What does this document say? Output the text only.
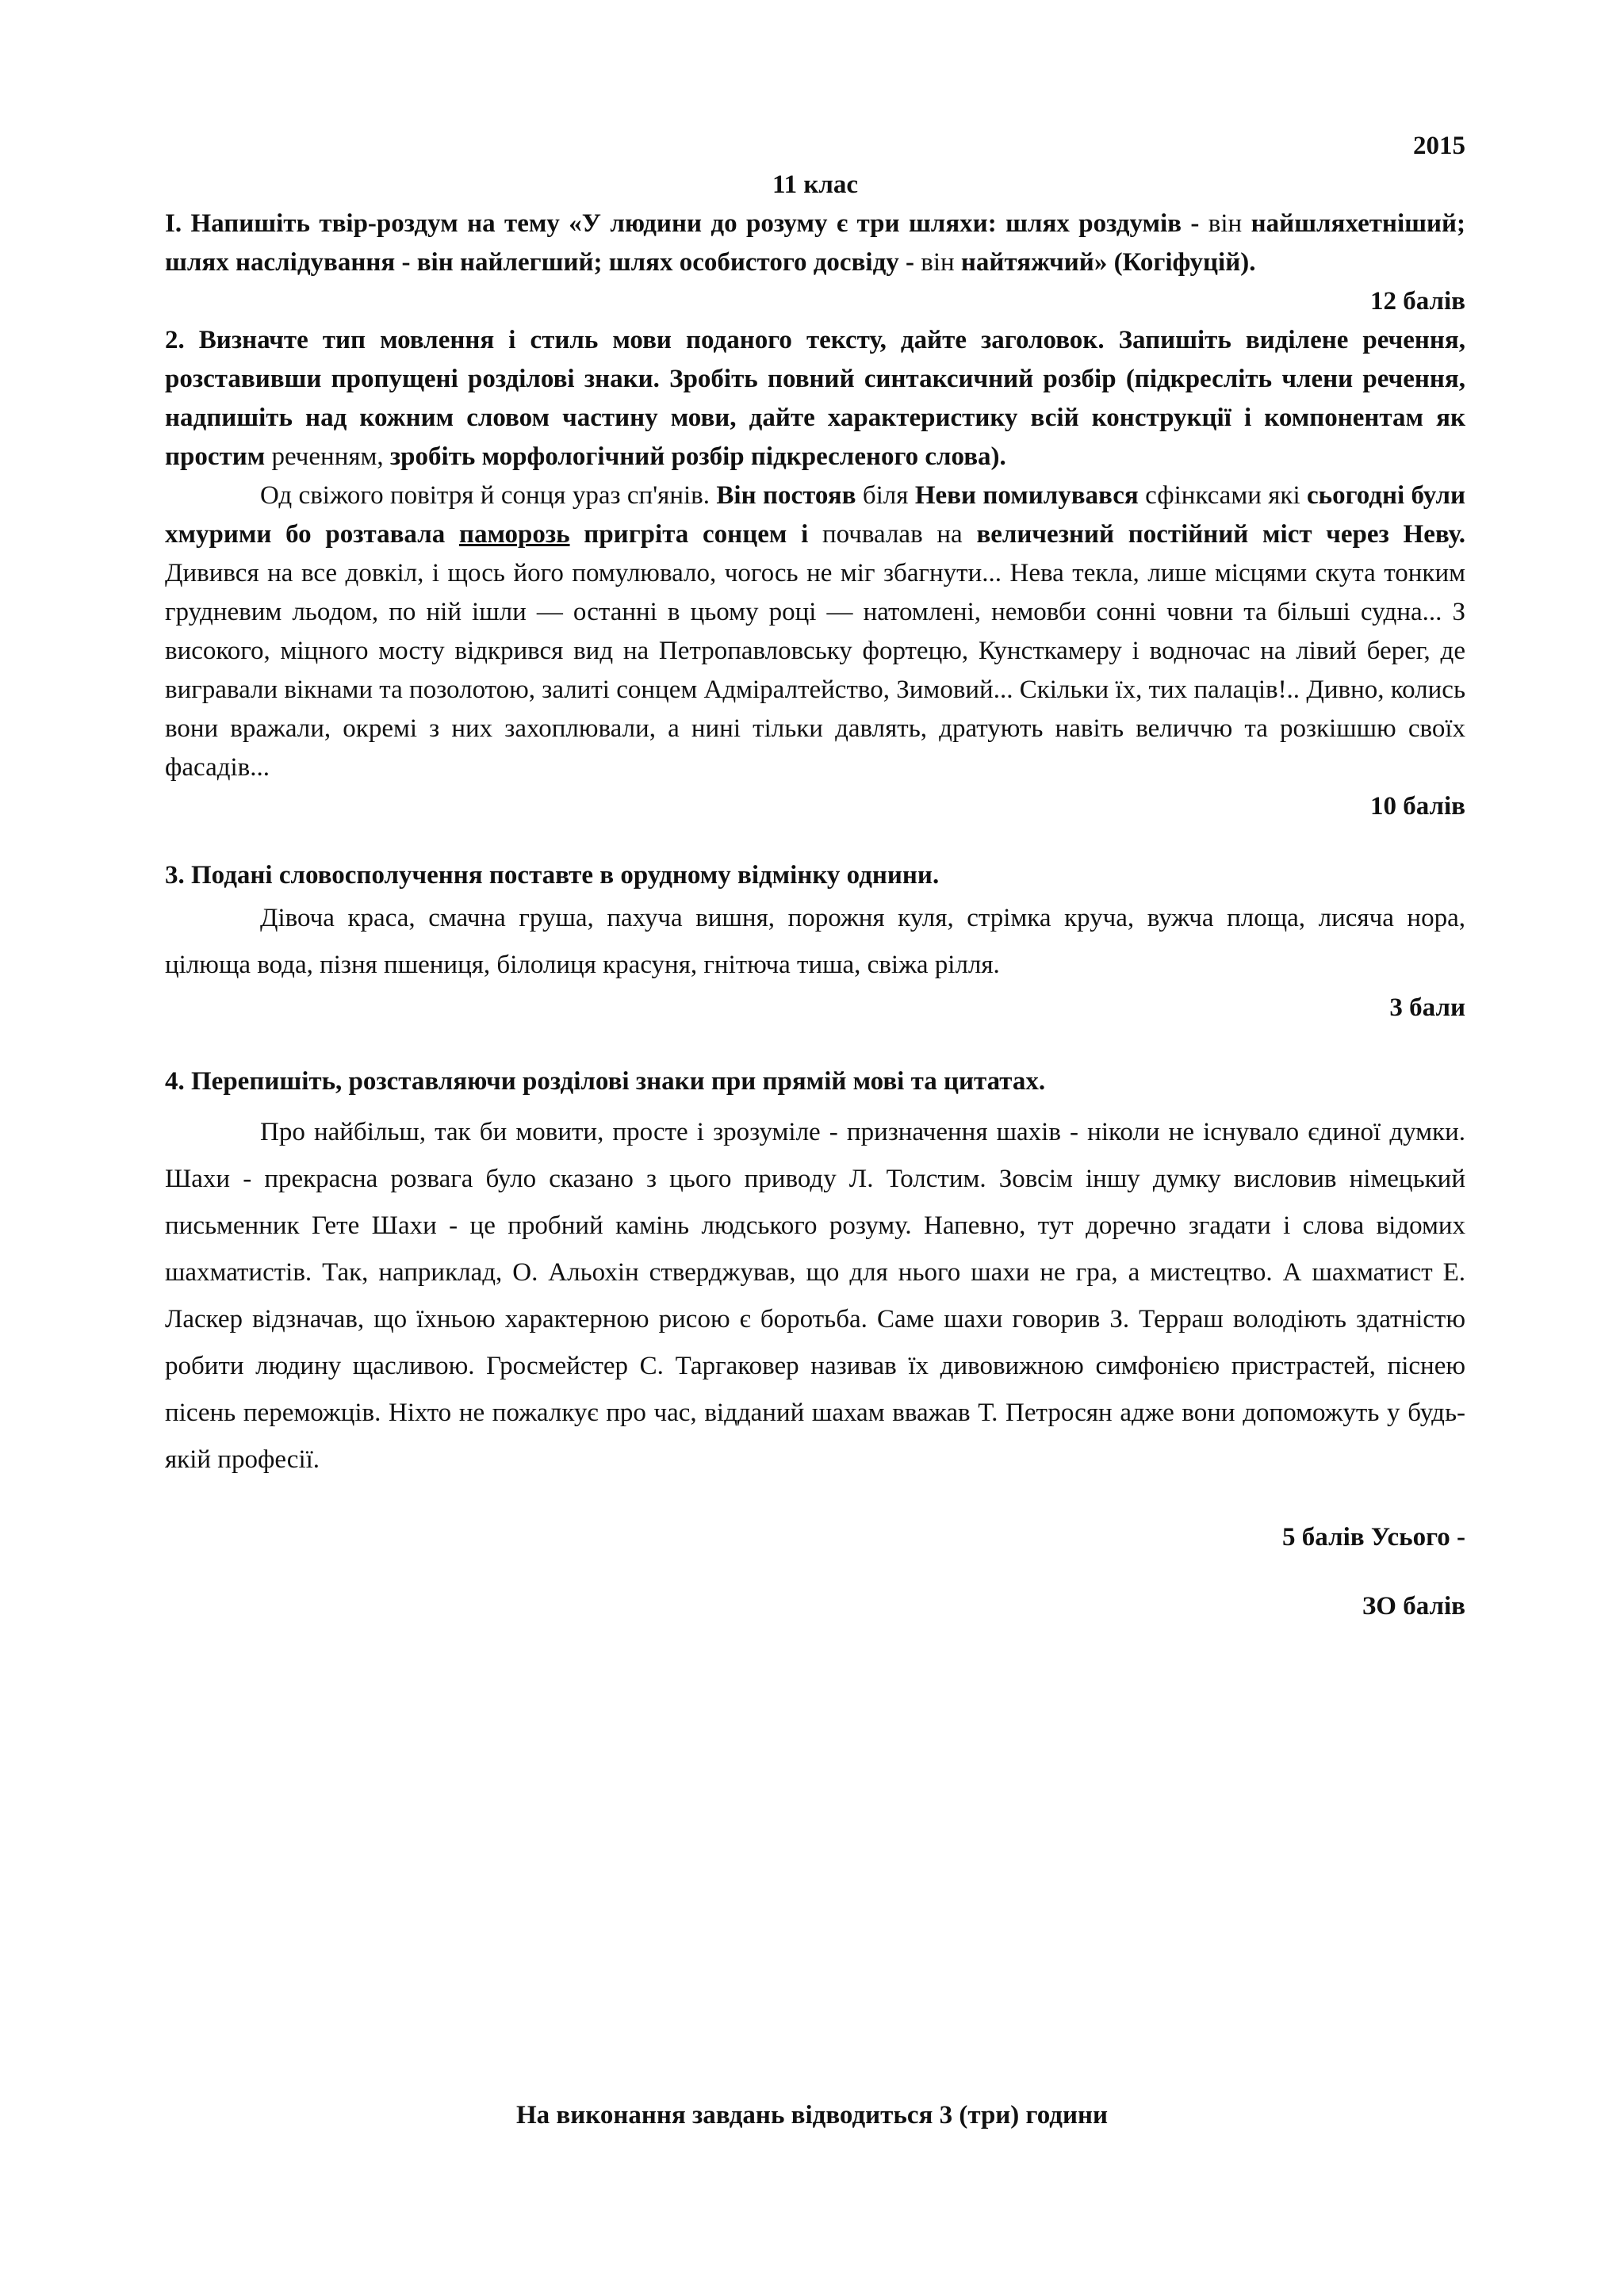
2015

11 клас

І. Напишіть твір-роздум на тему «У людини до розуму є три шляхи: шлях роздумів - він найшляхетніший; шлях наслідування - він найлегший; шлях особистого досвіду - він найтяжчий» (Когіфуцій).

12 балів

2. Визначте тип мовлення і стиль мови поданого тексту, дайте заголовок. Запишіть виділене речення, розставивши пропущені розділові знаки. Зробіть повний синтаксичний розбір (підкресліть члени речення, надпишіть над кожним словом частину мови, дайте характеристику всій конструкції і компонентам як простим реченням, зробіть морфологічний розбір підкресленого слова).

Од свіжого повітря й сонця ураз сп'янів. Він постояв біля Неви помилувався сфінксами які сьогодні були хмурими бо розтавала паморозь пригріта сонцем і почвалав на величезний постійний міст через Неву. Дивився на все довкіл, і щось його помулювало, чогось не міг збагнути... Нева текла, лише місцями скута тонким грудневим льодом, по ній ішли — останні в цьому році — натомлені, немовби сонні човни та більші судна... З високого, міцного мосту відкрився вид на Петропавловську фортецю, Кунсткамеру і водночас на лівий берег, де вигравали вікнами та позолотою, залиті сонцем Адміралтейство, Зимовий... Скільки їх, тих палаців!.. Дивно, колись вони вражали, окремі з них захоплювали, а нині тільки давлять, дратують навіть величчю та розкішшю своїх фасадів...

10 балів

3. Подані словосполучення поставте в орудному відмінку однини.

Дівоча краса, смачна груша, пахуча вишня, порожня куля, стрімка круча, вужча площа, лисяча нора, цілюща вода, пізня пшениця, білолиця красуня, гнітюча тиша, свіжа рілля.

3 бали

4. Перепишіть, розставляючи розділові знаки при прямій мові та цитатах.

Про найбільш, так би мовити, просте і зрозуміле - призначення шахів - ніколи не існувало єдиної думки. Шахи - прекрасна розвага було сказано з цього приводу Л. Толстим. Зовсім іншу думку висловив німецький письменник Гете Шахи - це пробний камінь людського розуму. Напевно, тут доречно згадати і слова відомих шахматистів. Так, наприклад, О. Альохін стверджував, що для нього шахи не гра, а мистецтво. А шахматист Е. Ласкер відзначав, що їхньою характерною рисою є боротьба. Саме шахи говорив З. Терраш володіють здатністю робити людину щасливою. Гросмейстер С. Таргаковер називав їх дивовижною симфонією пристрастей, піснею пісень переможців. Ніхто не пожалкує про час, відданий шахам вважав Т. Петросян адже вони допоможуть у будь-якій професії.

5 балів Усього -

ЗО балів

На виконання завдань відводиться 3 (три) години
